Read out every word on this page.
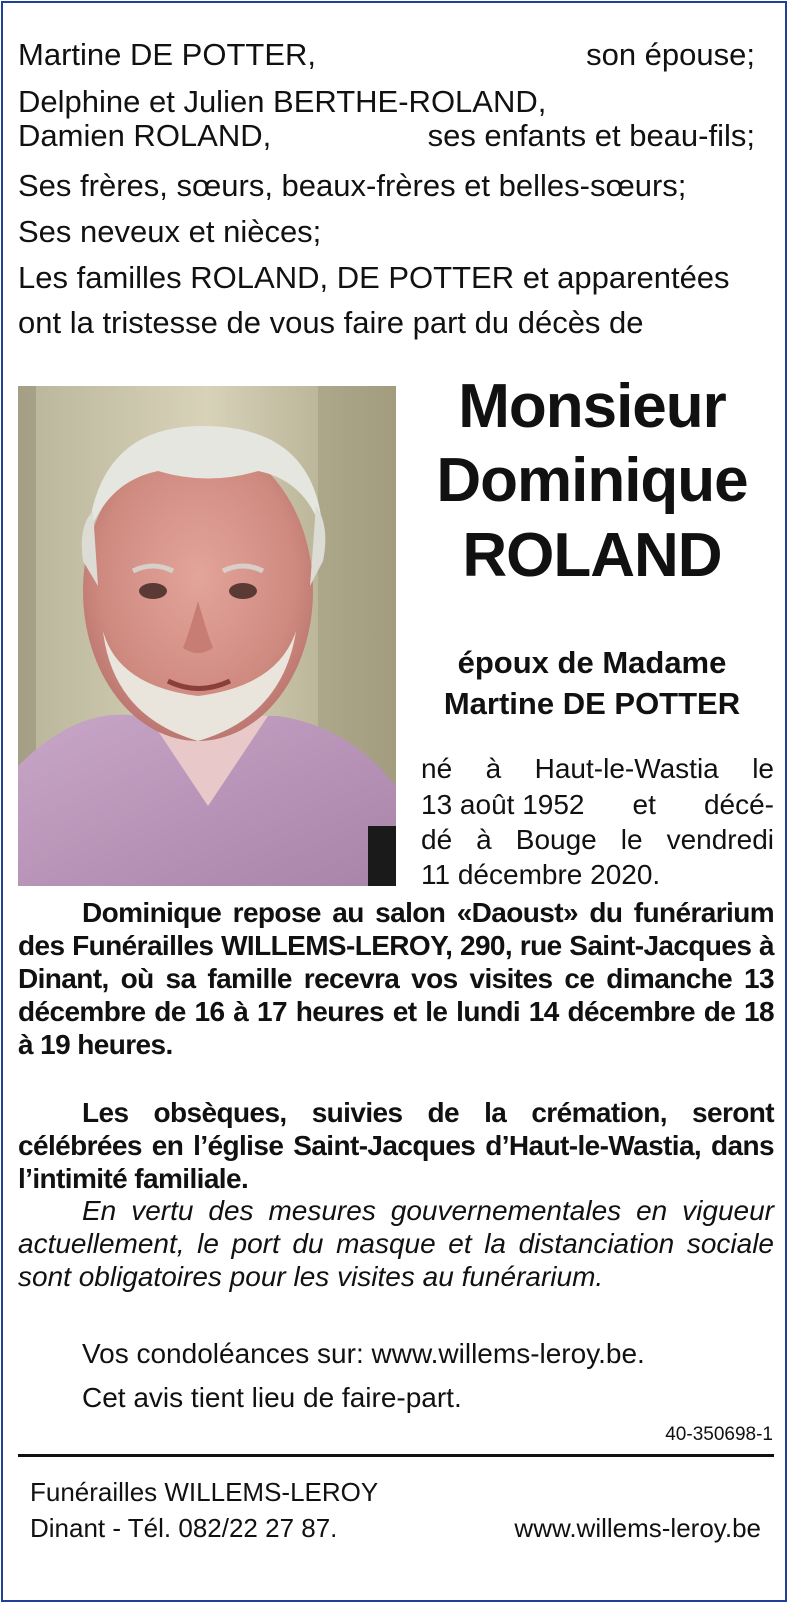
Martine DE POTTER,	son épouse;
Delphine et Julien BERTHE-ROLAND,
Damien ROLAND,	ses enfants et beau-fils;
Ses frères, sœurs, beaux-frères et belles-sœurs;
Ses neveux et nièces;
Les familles ROLAND, DE POTTER et apparentées
ont la tristesse de vous faire part du décès de
Monsieur
Dominique
ROLAND
époux de Madame
Martine DE POTTER
né à Haut-le-Wastia le
13 août 1952 et décé-
dé à Bouge le vendredi
11 décembre 2020.
Dominique repose au salon «Daoust» du funérarium des Funérailles WILLEMS-LEROY, 290, rue Saint-Jacques à Dinant, où sa famille recevra vos visites ce dimanche 13 décembre de 16 à 17 heures et le lundi 14 décembre de 18 à 19 heures.
Les obsèques, suivies de la crémation, seront célébrées en l’église Saint-Jacques d’Haut-le-Wastia, dans l’intimité familiale.
En vertu des mesures gouvernementales en vigueur actuellement, le port du masque et la distanciation sociale sont obligatoires pour les visites au funérarium.
Vos condoléances sur: www.willems-leroy.be.
Cet avis tient lieu de faire-part.
40-350698-1
Funérailles WILLEMS-LEROY
Dinant - Tél. 082/22 27 87.	www.willems-leroy.be
